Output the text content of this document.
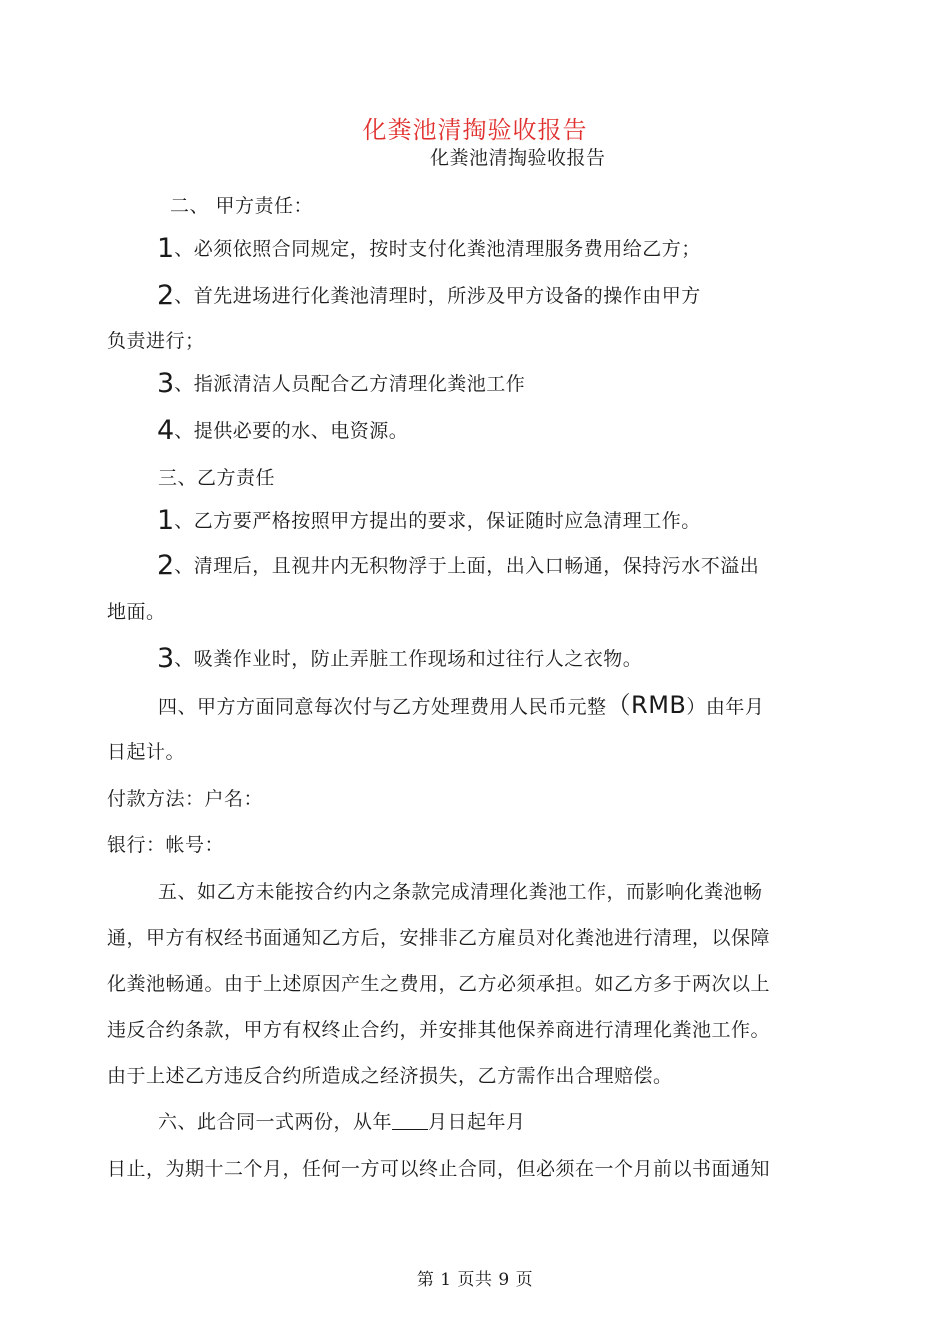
化粪池清掏验收报告
化粪池清掏验收报告
二、 甲方责任：
1、必须依照合同规定，按时支付化粪池清理服务费用给乙方；
2、首先进场进行化粪池清理时，所涉及甲方设备的操作由甲方
负责进行；
3、指派清洁人员配合乙方清理化粪池工作
4、提供必要的水、电资源。
三、乙方责任
1、乙方要严格按照甲方提出的要求，保证随时应急清理工作。
2、清理后，且视井内无积物浮于上面，出入口畅通，保持污水不溢出
地面。
3、吸粪作业时，防止弄脏工作现场和过往行人之衣物。
四、甲方方面同意每次付与乙方处理费用人民币元整（RMB）由年月
日起计。
付款方法：户名：
银行：帐号：
五、如乙方未能按合约内之条款完成清理化粪池工作，而影响化粪池畅
通，甲方有权经书面通知乙方后，安排非乙方雇员对化粪池进行清理，以保障
化粪池畅通。由于上述原因产生之费用，乙方必须承担。如乙方多于两次以上
违反合约条款，甲方有权终止合约，并安排其他保养商进行清理化粪池工作。
由于上述乙方违反合约所造成之经济损失，乙方需作出合理赔偿。
六、此合同一式两份，从年 月日起年月
日止，为期十二个月，任何一方可以终止合同，但必须在一个月前以书面通知
第 1 页共 9 页
